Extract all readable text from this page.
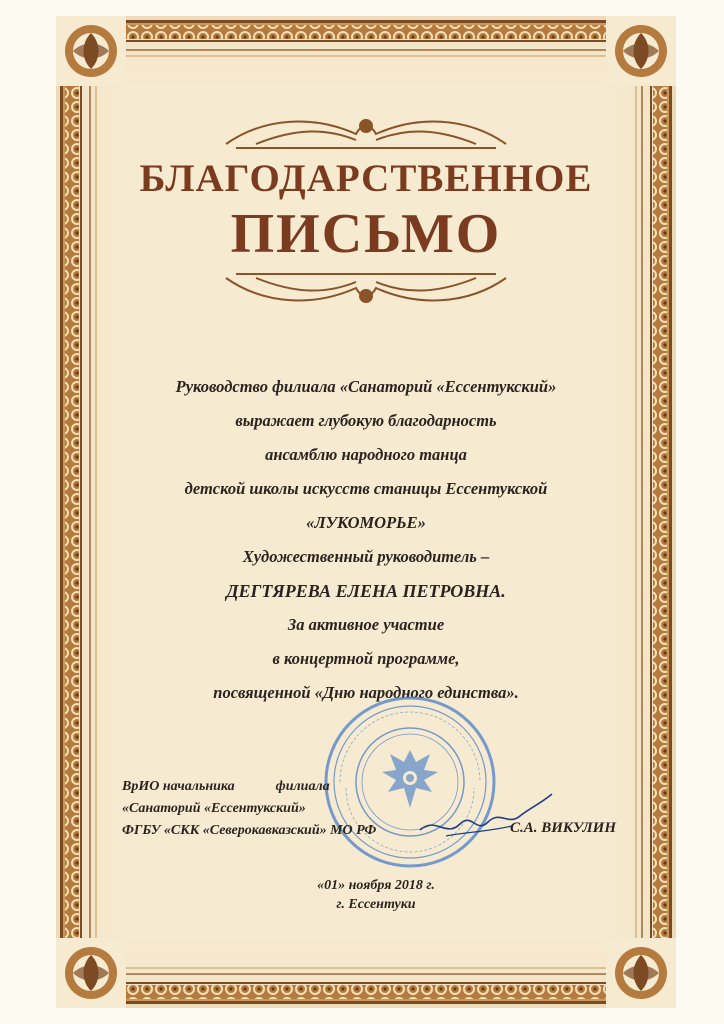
БЛАГОДАРСТВЕННОЕ
ПИСЬМО
Руководство филиала «Санаторий «Ессентукский»
выражает глубокую благодарность
ансамблю народного танца
детской школы искусств станицы Ессентукской
«ЛУКОМОРЬЕ»
Художественный руководитель –
ДЕГТЯРЕВА ЕЛЕНА ПЕТРОВНА.
За активное участие
в концертной программе,
посвященной «Дню народного единства».
ВрИО начальника	филиала
«Санаторий «Ессентукский»
ФГБУ «СКК «Северокавказский» МО РФ	С.А. ВИКУЛИН
«01» ноября 2018 г.
г. Ессентуки
